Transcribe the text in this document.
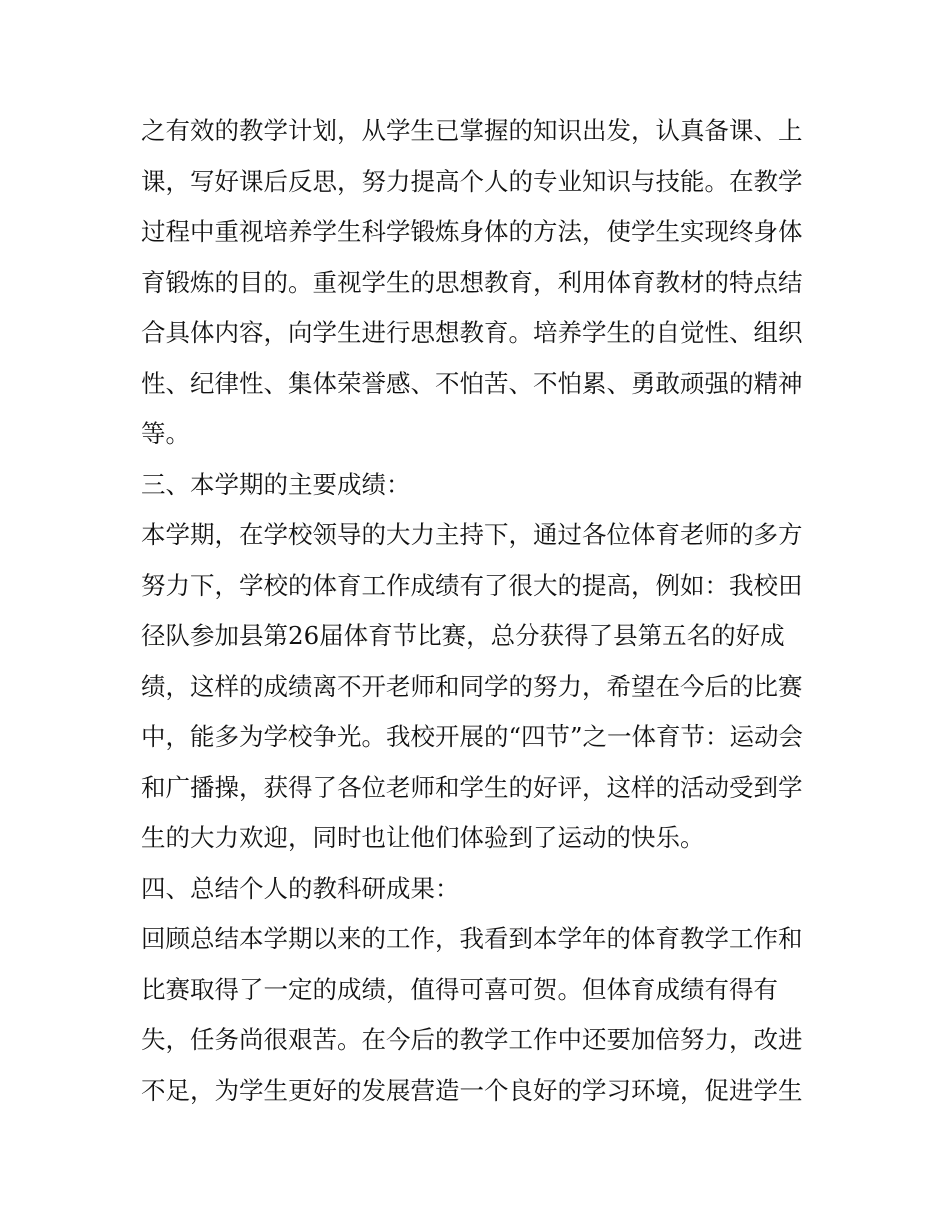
之有效的教学计划，从学生已掌握的知识出发，认真备课、上
课，写好课后反思，努力提高个人的专业知识与技能。在教学
过程中重视培养学生科学锻炼身体的方法，使学生实现终身体
育锻炼的目的。重视学生的思想教育，利用体育教材的特点结
合具体内容，向学生进行思想教育。培养学生的自觉性、组织
性、纪律性、集体荣誉感、不怕苦、不怕累、勇敢顽强的精神
等。
三、本学期的主要成绩：
本学期，在学校领导的大力主持下，通过各位体育老师的多方
努力下，学校的体育工作成绩有了很大的提高，例如：我校田
径队参加县第26届体育节比赛，总分获得了县第五名的好成
绩，这样的成绩离不开老师和同学的努力，希望在今后的比赛
中，能多为学校争光。我校开展的“四节”之一体育节：运动会
和广播操，获得了各位老师和学生的好评，这样的活动受到学
生的大力欢迎，同时也让他们体验到了运动的快乐。
四、总结个人的教科研成果：
回顾总结本学期以来的工作，我看到本学年的体育教学工作和
比赛取得了一定的成绩，值得可喜可贺。但体育成绩有得有
失，任务尚很艰苦。在今后的教学工作中还要加倍努力，改进
不足，为学生更好的发展营造一个良好的学习环境，促进学生
